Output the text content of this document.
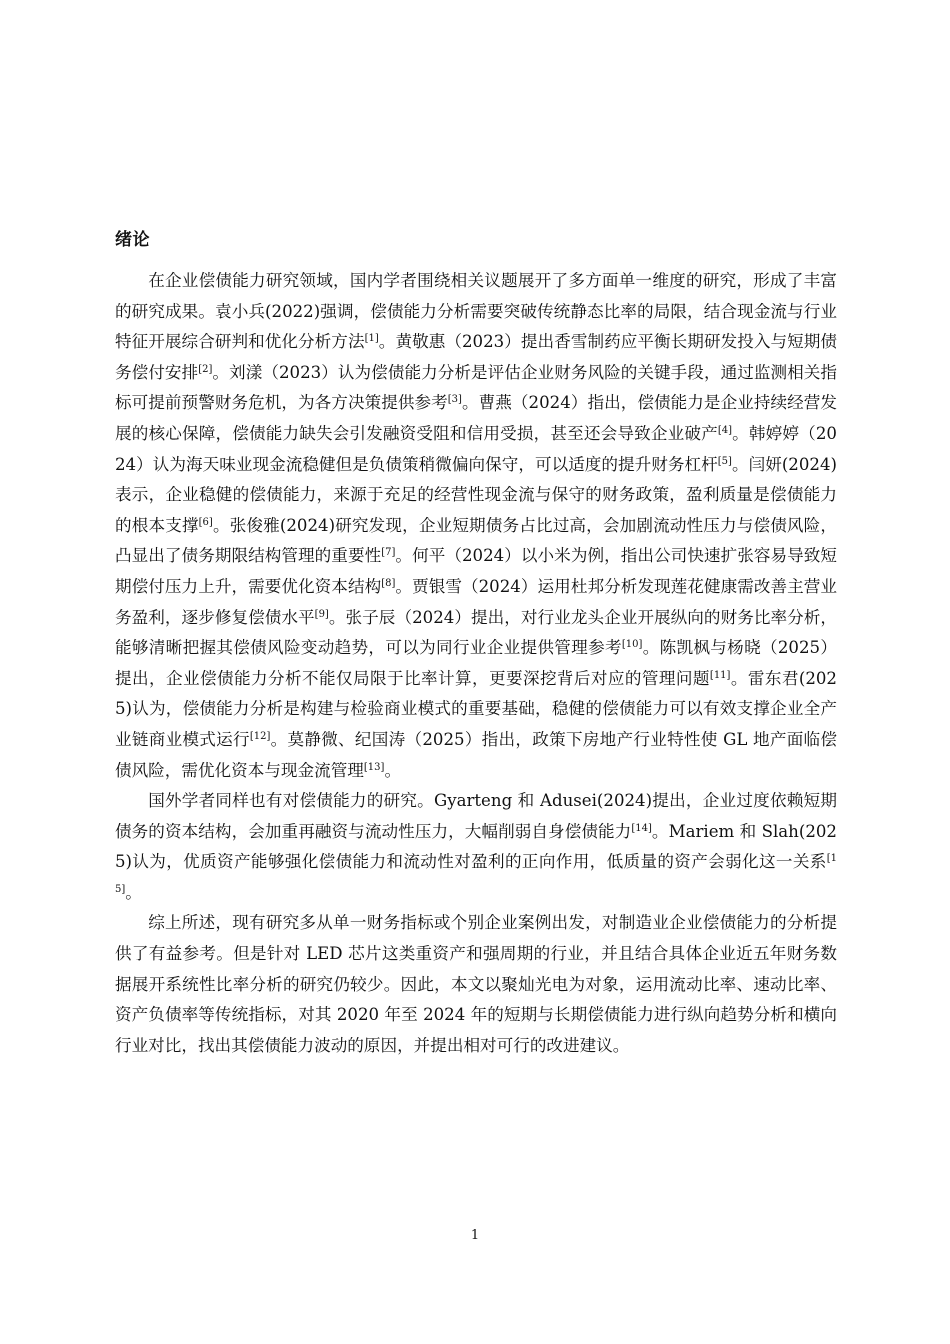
绪论

在企业偿债能力研究领域，国内学者围绕相关议题展开了多方面单一维度的研究，形成了丰富的研究成果。袁小兵(2022)强调，偿债能力分析需要突破传统静态比率的局限，结合现金流与行业特征开展综合研判和优化分析方法[1]。黄敬惠（2023）提出香雪制药应平衡长期研发投入与短期债务偿付安排[2]。刘漾（2023）认为偿债能力分析是评估企业财务风险的关键手段，通过监测相关指标可提前预警财务危机，为各方决策提供参考[3]。曹燕（2024）指出，偿债能力是企业持续经营发展的核心保障，偿债能力缺失会引发融资受阻和信用受损，甚至还会导致企业破产[4]。韩婷婷（2024）认为海天味业现金流稳健但是负债策稍微偏向保守，可以适度的提升财务杠杆[5]。闫妍(2024)表示，企业稳健的偿债能力，来源于充足的经营性现金流与保守的财务政策，盈利质量是偿债能力的根本支撑[6]。张俊雅(2024)研究发现，企业短期债务占比过高，会加剧流动性压力与偿债风险，凸显出了债务期限结构管理的重要性[7]。何平（2024）以小米为例，指出公司快速扩张容易导致短期偿付压力上升，需要优化资本结构[8]。贾银雪（2024）运用杜邦分析发现莲花健康需改善主营业务盈利，逐步修复偿债水平[9]。张子辰（2024）提出，对行业龙头企业开展纵向的财务比率分析，能够清晰把握其偿债风险变动趋势，可以为同行业企业提供管理参考[10]。陈凯枫与杨晓（2025）提出，企业偿债能力分析不能仅局限于比率计算，更要深挖背后对应的管理问题[11]。雷东君(2025)认为，偿债能力分析是构建与检验商业模式的重要基础，稳健的偿债能力可以有效支撑企业全产业链商业模式运行[12]。莫静微、纪国涛（2025）指出，政策下房地产行业特性使 GL 地产面临偿债风险，需优化资本与现金流管理[13]。

国外学者同样也有对偿债能力的研究。Gyarteng 和 Adusei(2024)提出，企业过度依赖短期债务的资本结构，会加重再融资与流动性压力，大幅削弱自身偿债能力[14]。Mariem 和 Slah(2025)认为，优质资产能够强化偿债能力和流动性对盈利的正向作用，低质量的资产会弱化这一关系[15]。

综上所述，现有研究多从单一财务指标或个别企业案例出发，对制造业企业偿债能力的分析提供了有益参考。但是针对 LED 芯片这类重资产和强周期的行业，并且结合具体企业近五年财务数据展开系统性比率分析的研究仍较少。因此，本文以聚灿光电为对象，运用流动比率、速动比率、资产负债率等传统指标，对其 2020 年至 2024 年的短期与长期偿债能力进行纵向趋势分析和横向行业对比，找出其偿债能力波动的原因，并提出相对可行的改进建议。

1
